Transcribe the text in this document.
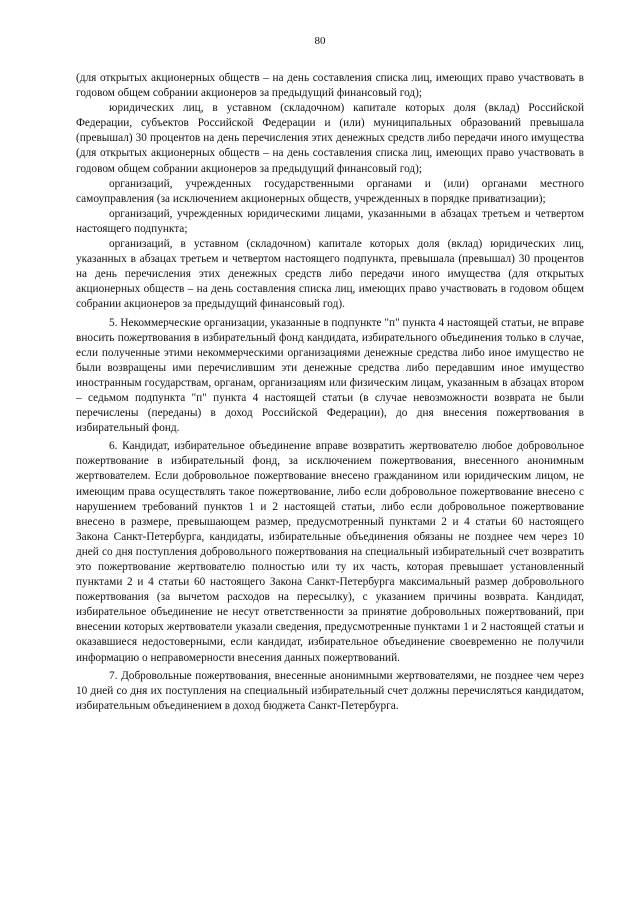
80

(для открытых акционерных обществ – на день составления списка лиц, имеющих право участвовать в годовом общем собрании акционеров за предыдущий финансовый год);

юридических лиц, в уставном (складочном) капитале которых доля (вклад) Российской Федерации, субъектов Российской Федерации и (или) муниципальных образований превышала (превышал) 30 процентов на день перечисления этих денежных средств либо передачи иного имущества (для открытых акционерных обществ – на день составления списка лиц, имеющих право участвовать в годовом общем собрании акционеров за предыдущий финансовый год);

организаций, учрежденных государственными органами и (или) органами местного самоуправления (за исключением акционерных обществ, учрежденных в порядке приватизации);

организаций, учрежденных юридическими лицами, указанными в абзацах третьем и четвертом настоящего подпункта;

организаций, в уставном (складочном) капитале которых доля (вклад) юридических лиц, указанных в абзацах третьем и четвертом настоящего подпункта, превышала (превышал) 30 процентов на день перечисления этих денежных средств либо передачи иного имущества (для открытых акционерных обществ – на день составления списка лиц, имеющих право участвовать в годовом общем собрании акционеров за предыдущий финансовый год).

5. Некоммерческие организации, указанные в подпункте "п" пункта 4 настоящей статьи, не вправе вносить пожертвования в избирательный фонд кандидата, избирательного объединения только в случае, если полученные этими некоммерческими организациями денежные средства либо иное имущество не были возвращены ими перечислившим эти денежные средства либо передавшим иное имущество иностранным государствам, органам, организациям или физическим лицам, указанным в абзацах втором – седьмом подпункта "п" пункта 4 настоящей статьи (в случае невозможности возврата не были перечислены (переданы) в доход Российской Федерации), до дня внесения пожертвования в избирательный фонд.

6. Кандидат, избирательное объединение вправе возвратить жертвователю любое добровольное пожертвование в избирательный фонд, за исключением пожертвования, внесенного анонимным жертвователем. Если добровольное пожертвование внесено гражданином или юридическим лицом, не имеющим права осуществлять такое пожертвование, либо если добровольное пожертвование внесено с нарушением требований пунктов 1 и 2 настоящей статьи, либо если добровольное пожертвование внесено в размере, превышающем размер, предусмотренный пунктами 2 и 4 статьи 60 настоящего Закона Санкт-Петербурга, кандидаты, избирательные объединения обязаны не позднее чем через 10 дней со дня поступления добровольного пожертвования на специальный избирательный счет возвратить это пожертвование жертвователю полностью или ту их часть, которая превышает установленный пунктами 2 и 4 статьи 60 настоящего Закона Санкт-Петербурга максимальный размер добровольного пожертвования (за вычетом расходов на пересылку), с указанием причины возврата. Кандидат, избирательное объединение не несут ответственности за принятие добровольных пожертвований, при внесении которых жертвователи указали сведения, предусмотренные пунктами 1 и 2 настоящей статьи и оказавшиеся недостоверными, если кандидат, избирательное объединение своевременно не получили информацию о неправомерности внесения данных пожертвований.

7. Добровольные пожертвования, внесенные анонимными жертвователями, не позднее чем через 10 дней со дня их поступления на специальный избирательный счет должны перечисляться кандидатом, избирательным объединением в доход бюджета Санкт-Петербурга.
